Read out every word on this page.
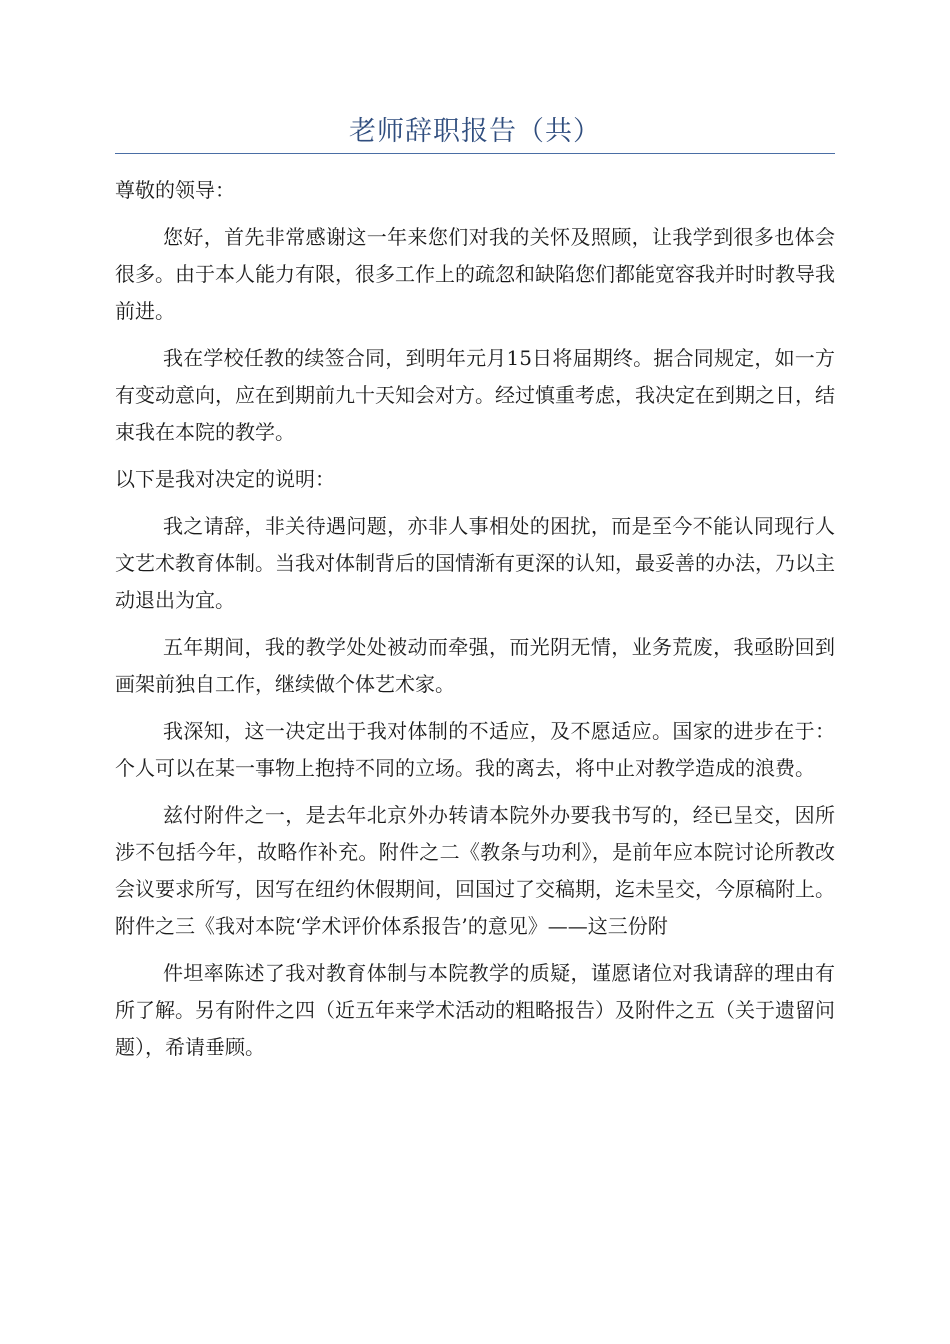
老师辞职报告（共）

尊敬的领导：

您好，首先非常感谢这一年来您们对我的关怀及照顾，让我学到很多也体会很多。由于本人能力有限，很多工作上的疏忽和缺陷您们都能宽容我并时时教导我前进。

我在学校任教的续签合同，到明年元月15日将届期终。据合同规定，如一方有变动意向，应在到期前九十天知会对方。经过慎重考虑，我决定在到期之日，结束我在本院的教学。

以下是我对决定的说明：

我之请辞，非关待遇问题，亦非人事相处的困扰，而是至今不能认同现行人文艺术教育体制。当我对体制背后的国情渐有更深的认知，最妥善的办法，乃以主动退出为宜。

五年期间，我的教学处处被动而牵强，而光阴无情，业务荒废，我亟盼回到画架前独自工作，继续做个体艺术家。

我深知，这一决定出于我对体制的不适应，及不愿适应。国家的进步在于：个人可以在某一事物上抱持不同的立场。我的离去，将中止对教学造成的浪费。

兹付附件之一，是去年北京外办转请本院外办要我书写的，经已呈交，因所涉不包括今年，故略作补充。附件之二《教条与功利》，是前年应本院讨论所教改会议要求所写，因写在纽约休假期间，回国过了交稿期，迄未呈交，今原稿附上。附件之三《我对本院‘学术评价体系报告’的意见》——这三份附

件坦率陈述了我对教育体制与本院教学的质疑，谨愿诸位对我请辞的理由有所了解。另有附件之四（近五年来学术活动的粗略报告）及附件之五（关于遗留问题），希请垂顾。
